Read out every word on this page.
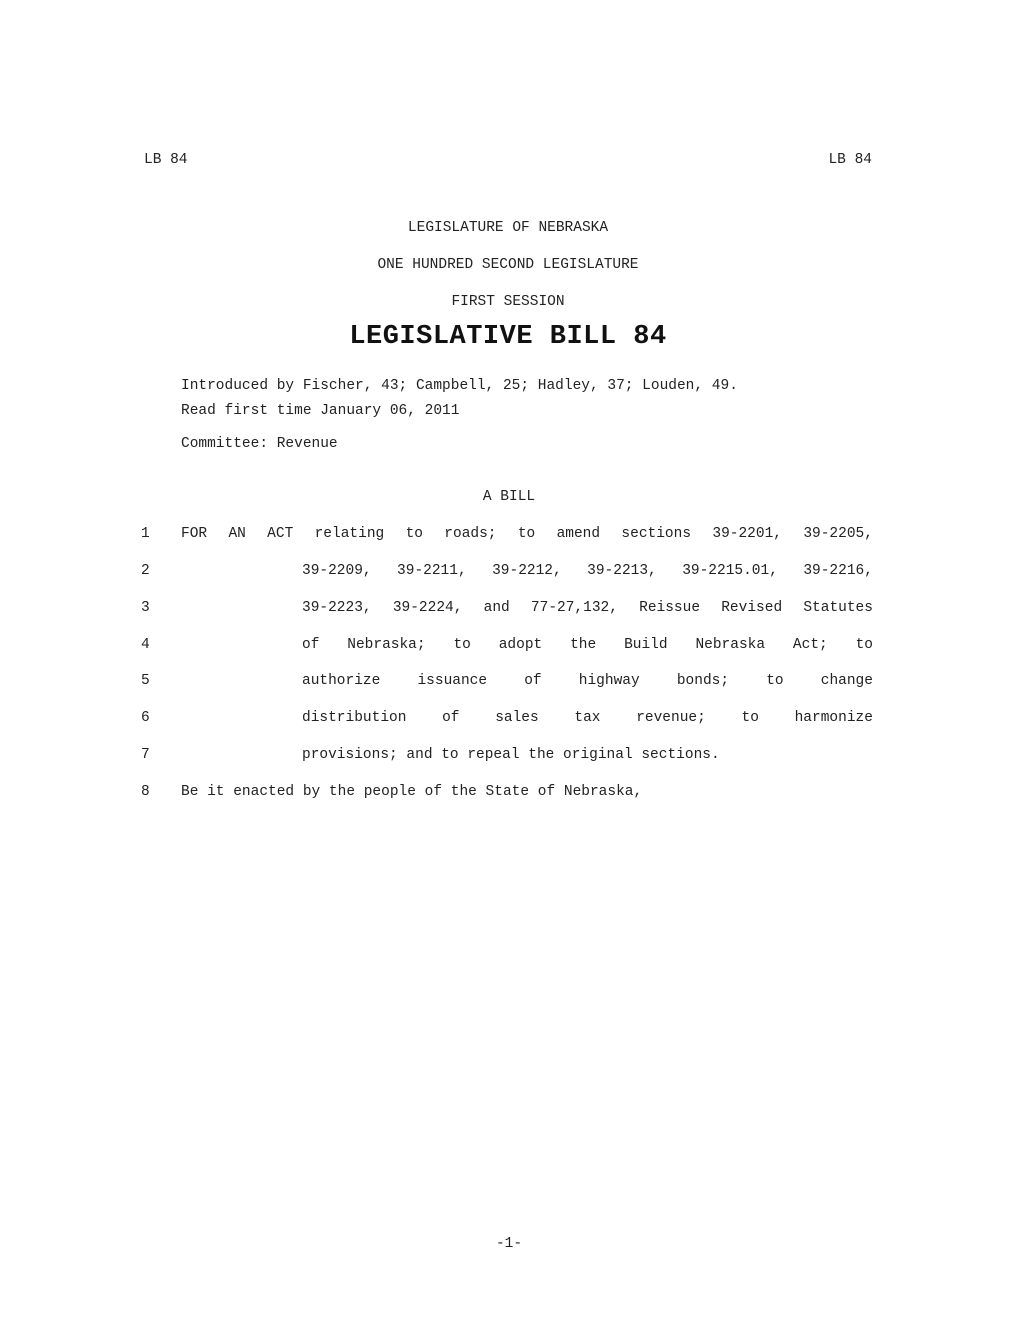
LB 84	LB 84
LEGISLATURE OF NEBRASKA
ONE HUNDRED SECOND LEGISLATURE
FIRST SESSION
LEGISLATIVE BILL 84
Introduced by Fischer, 43; Campbell, 25; Hadley, 37; Louden, 49.
Read first time January 06, 2011
Committee: Revenue
A BILL
1	FOR AN ACT relating to roads; to amend sections 39-2201, 39-2205,
2	39-2209, 39-2211, 39-2212, 39-2213, 39-2215.01, 39-2216,
3	39-2223, 39-2224, and 77-27,132, Reissue Revised Statutes
4	of Nebraska; to adopt the Build Nebraska Act; to
5	authorize	issuance	of	highway	bonds;	to	change
6	distribution of sales tax revenue; to harmonize
7	provisions; and to repeal the original sections.
8	Be it enacted by the people of the State of Nebraska,
-1-
